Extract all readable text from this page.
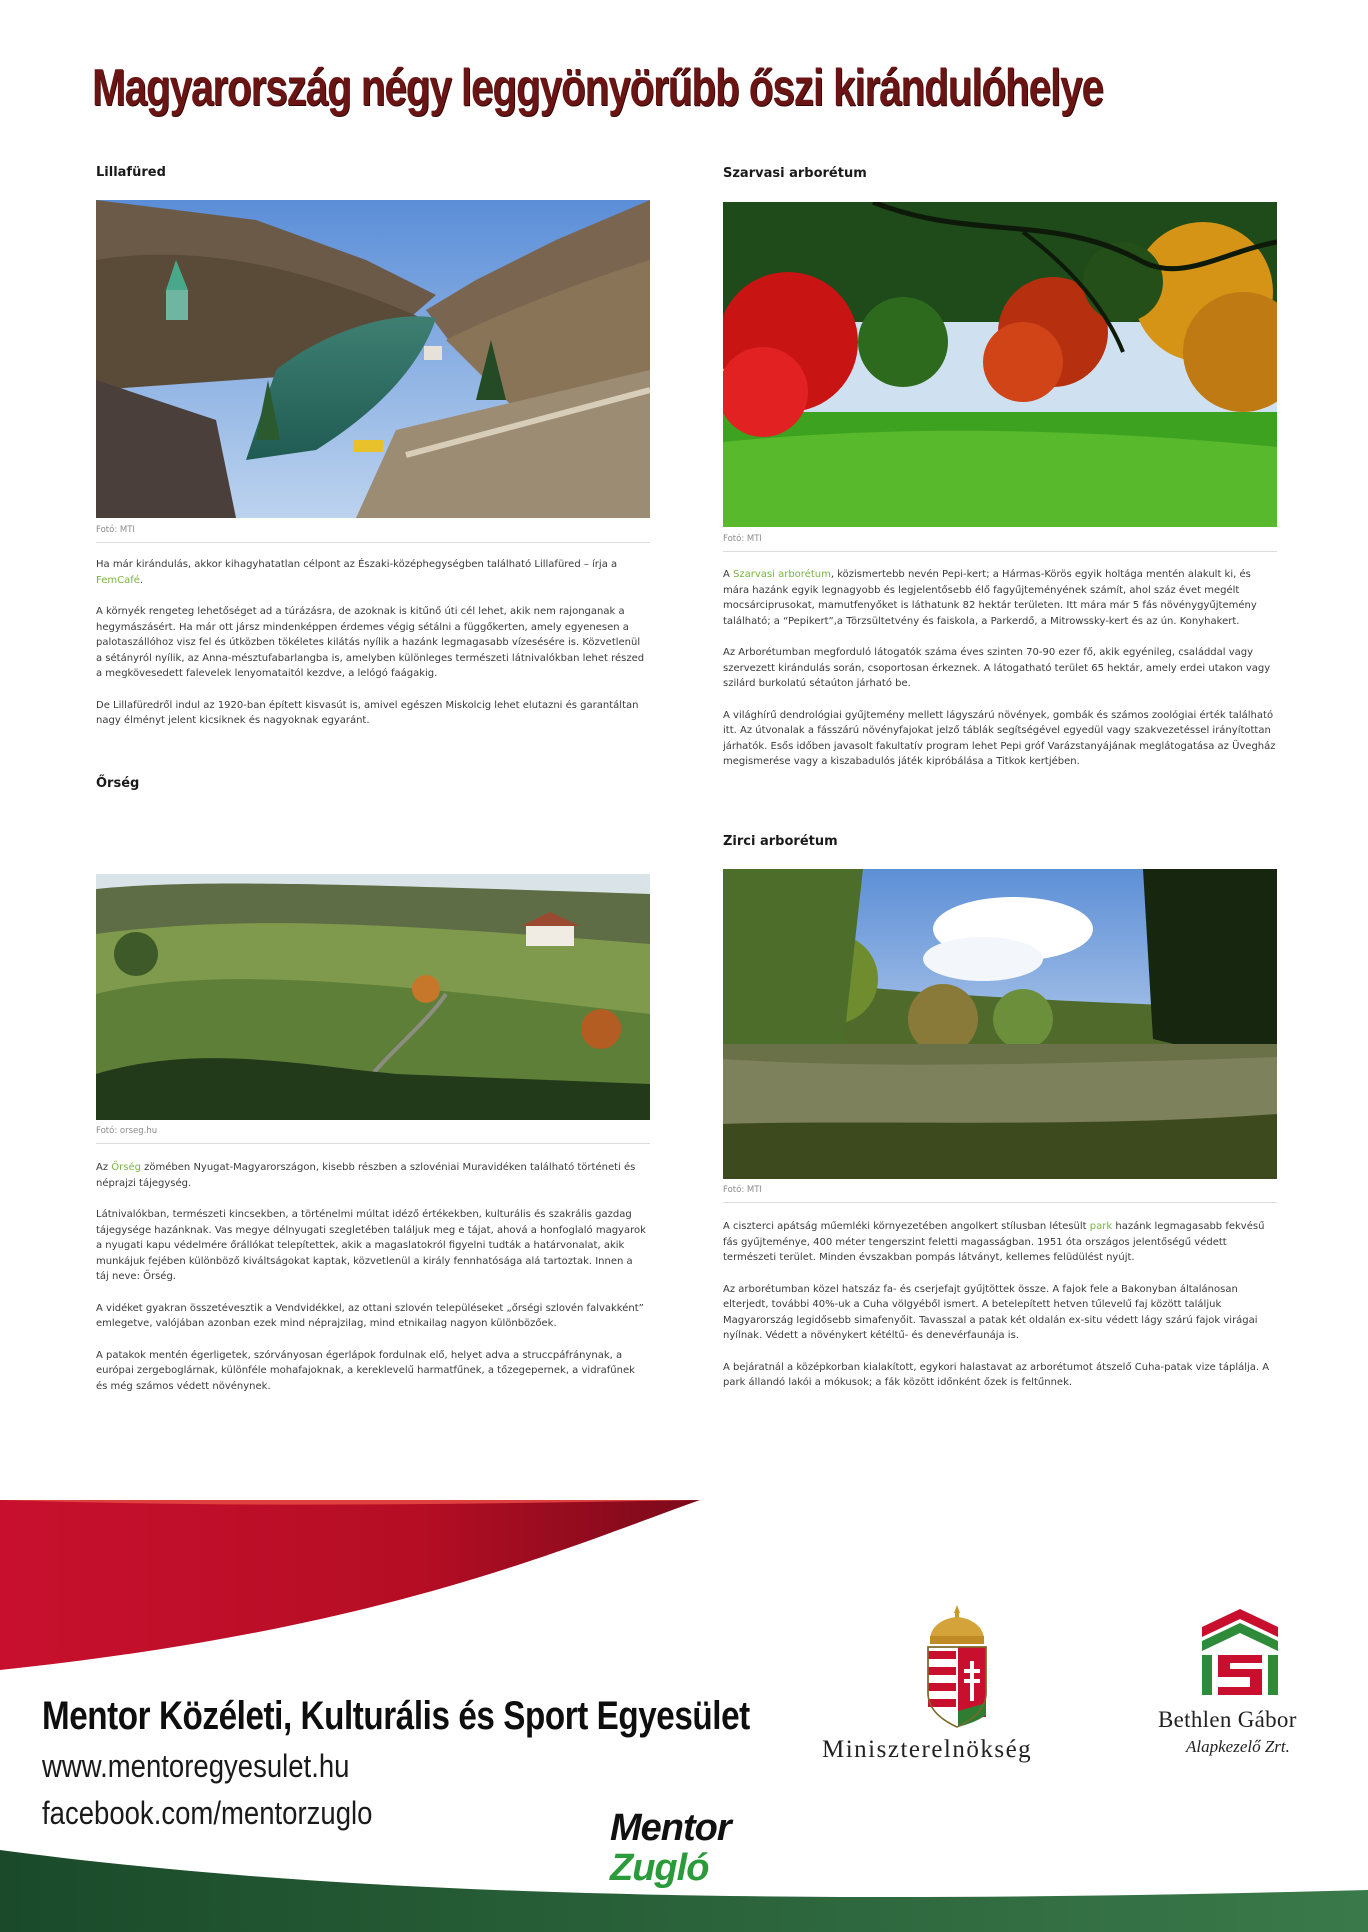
Magyarország négy leggyönyörűbb őszi kirándulóhelye
Lillafüred
Fotó: MTI

Ha már kirándulás, akkor kihagyhatatlan célpont az Északi-középhegységben található Lillafüred – írja a FemCafé.

A környék rengeteg lehetőséget ad a túrázásra, de azoknak is kitűnő úti cél lehet, akik nem rajonganak a hegymászásért. Ha már ott jársz mindenképpen érdemes végig sétálni a függőkerten, amely egyenesen a palotaszállóhoz visz fel és útközben tökéletes kilátás nyílik a hazánk legmagasabb vízesésére is. Közvetlenül a sétányról nyílik, az Anna-mésztufabarlangba is, amelyben különleges természeti látnivalókban lehet részed a megkövesedett falevelek lenyomataitól kezdve, a lelógó faágakig.

De Lillafüredről indul az 1920-ban épített kisvasút is, amivel egészen Miskolcig lehet elutazni és garantáltan nagy élményt jelent kicsiknek és nagyoknak egyaránt.

Őrség
Fotó: orseg.hu

Az Őrség zömében Nyugat-Magyarországon, kisebb részben a szlovéniai Muravidéken található történeti és néprajzi tájegység.

Látnivalókban, természeti kincsekben, a történelmi múltat idéző értékekben, kulturális és szakrális gazdag tájegysége hazánknak. Vas megye délnyugati szegletében találjuk meg e tájat, ahová a honfoglaló magyarok a nyugati kapu védelmére őrállókat telepítettek, akik a magaslatokról figyelni tudták a határvonalat, akik munkájuk fejében különböző kiváltságokat kaptak, közvetlenül a király fennhatósága alá tartoztak. Innen a táj neve: Őrség.

A vidéket gyakran összetévesztik a Vendvidékkel, az ottani szlovén településeket „őrségi szlovén falvakként” emlegetve, valójában azonban ezek mind néprajzilag, mind etnikailag nagyon különbözőek.

A patakok mentén égerligetek, szórványosan égerlápok fordulnak elő, helyet adva a struccpáfránynak, a európai zergeboglárnak, különféle mohafajoknak, a kereklevelű harmatfűnek, a tőzegepernek, a vidrafűnek és még számos védett növénynek.

Szarvasi arborétum
Fotó: MTI

A Szarvasi arborétum, közismertebb nevén Pepi-kert; a Hármas-Körös egyik holtága mentén alakult ki, és mára hazánk egyik legnagyobb és legjelentősebb élő fagyűjteményének számít, ahol száz évet megélt mocsárciprusokat, mamutfenyőket is láthatunk 82 hektár területen. Itt mára már 5 fás növénygyűjtemény található; a “Pepikert”,a Törzsültetvény és faiskola, a Parkerdő, a Mitrowssky-kert és az ún. Konyhakert.

Az Arborétumban megforduló látogatók száma éves szinten 70-90 ezer fő, akik egyénileg, családdal vagy szervezett kirándulás során, csoportosan érkeznek. A látogatható terület 65 hektár, amely erdei utakon vagy szilárd burkolatú sétaúton járható be.

A világhírű dendrológiai gyűjtemény mellett lágyszárú növények, gombák és számos zoológiai érték található itt. Az útvonalak a fásszárú növényfajokat jelző táblák segítségével egyedül vagy szakvezetéssel irányítottan járhatók. Esős időben javasolt fakultatív program lehet Pepi gróf Varázstanyájának meglátogatása az Üvegház megismerése vagy a kiszabadulós játék kipróbálása a Titkok kertjében.

Zirci arborétum
Fotó: MTI

A ciszterci apátság műemléki környezetében angolkert stílusban létesült park hazánk legmagasabb fekvésű fás gyűjteménye, 400 méter tengerszint feletti magasságban. 1951 óta országos jelentőségű védett természeti terület. Minden évszakban pompás látványt, kellemes felüdülést nyújt.

Az arborétumban közel hatszáz fa- és cserjefajt gyűjtöttek össze. A fajok fele a Bakonyban általánosan elterjedt, további 40%-uk a Cuha völgyéből ismert. A betelepített hetven tűlevelű faj között találjuk Magyarország legidősebb simafenyőit. Tavasszal a patak két oldalán ex-situ védett lágy szárú fajok virágai nyílnak. Védett a növénykert kétéltű- és denevérfaunája is.

A bejáratnál a középkorban kialakított, egykori halastavat az arborétumot átszelő Cuha-patak vize táplálja. A park állandó lakói a mókusok; a fák között időnként őzek is feltűnnek.

Mentor Közéleti, Kulturális és Sport Egyesület
www.mentoregyesulet.hu
facebook.com/mentorzuglo	Mentor
Zugló
Miniszterelnökség
Bethlen Gábor
Alapkezelő Zrt.
